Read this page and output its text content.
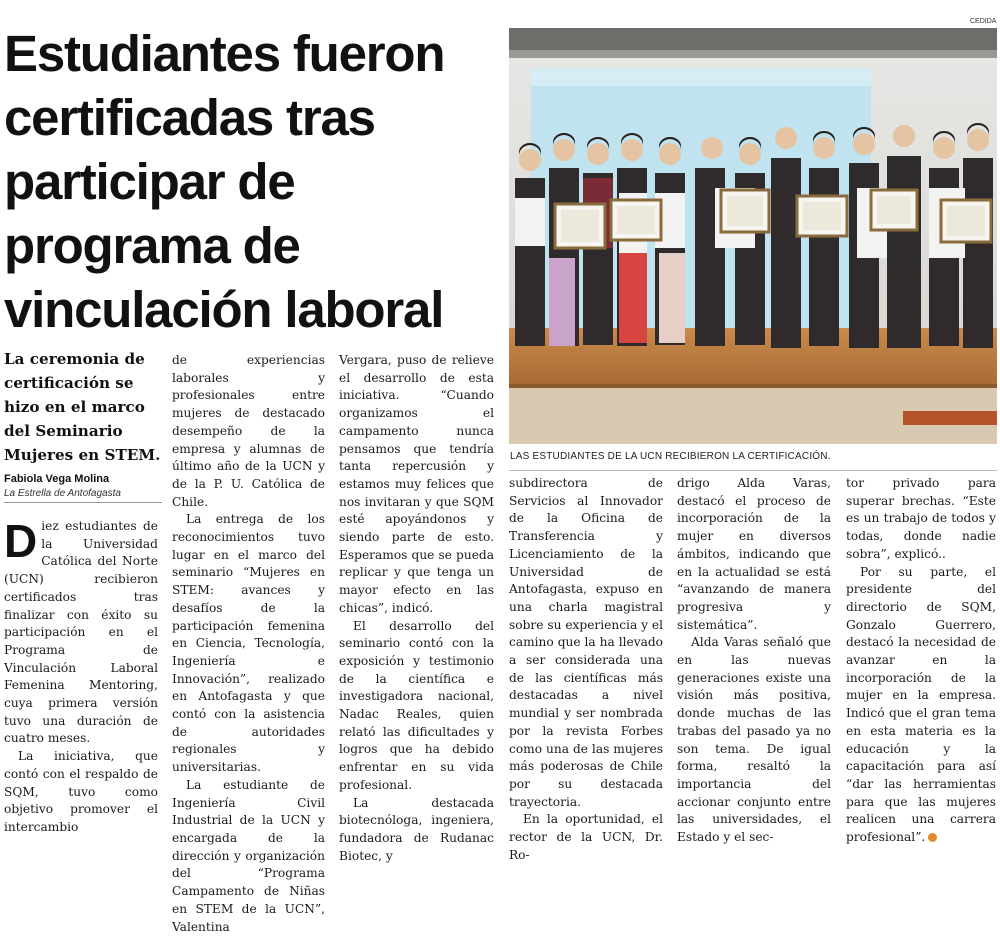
CEDIDA
Estudiantes fueron certificadas tras participar de programa de vinculación laboral
LAS ESTUDIANTES DE LA UCN RECIBIERON LA CERTIFICACIÓN.
La ceremonia de certificación se hizo en el marco del Seminario Mujeres en STEM.
Fabiola Vega Molina
La Estrella de Antofagasta

Diez estudiantes de la Universidad Católica del Norte (UCN) recibieron certificados tras finalizar con éxito su participación en el Programa de Vinculación Laboral Femenina Mentoring, cuya primera versión tuvo una duración de cuatro meses.

La iniciativa, que contó con el respaldo de SQM, tuvo como objetivo promover el intercambio

de experiencias laborales y profesionales entre mujeres de destacado desempeño de la empresa y alumnas de último año de la UCN y de la P. U. Católica de Chile.

La entrega de los reconocimientos tuvo lugar en el marco del seminario “Mujeres en STEM: avances y desafíos de la participación femenina en Ciencia, Tecnología, Ingeniería e Innovación”, realizado en Antofagasta y que contó con la asistencia de autoridades regionales y universitarias.

La estudiante de Ingeniería Civil Industrial de la UCN y encargada de la dirección y organización del “Programa Campamento de Niñas en STEM de la UCN”, Valentina

Vergara, puso de relieve el desarrollo de esta iniciativa. “Cuando organizamos el campamento nunca pensamos que tendría tanta repercusión y estamos muy felices que nos invitaran y que SQM esté apoyándonos y siendo parte de esto. Esperamos que se pueda replicar y que tenga un mayor efecto en las chicas”, indicó.

El desarrollo del seminario contó con la exposición y testimonio de la científica e investigadora nacional, Nadac Reales, quien relató las dificultades y logros que ha debido enfrentar en su vida profesional.

La destacada biotecnóloga, ingeniera, fundadora de Rudanac Biotec, y

subdirectora de Servicios al Innovador de la Oficina de Transferencia y Licenciamiento de la Universidad de Antofagasta, expuso en una charla magistral sobre su experiencia y el camino que la ha llevado a ser considerada una de las científicas más destacadas a nivel mundial y ser nombrada por la revista Forbes como una de las mujeres más poderosas de Chile por su destacada trayectoria.

En la oportunidad, el rector de la UCN, Dr. Ro-

drigo Alda Varas, destacó el proceso de incorporación de la mujer en diversos ámbitos, indicando que en la actualidad se está “avanzando de manera progresiva y sistemática”.

Alda Varas señaló que en las nuevas generaciones existe una visión más positiva, donde muchas de las trabas del pasado ya no son tema. De igual forma, resaltó la importancia del accionar conjunto entre las universidades, el Estado y el sec-

tor privado para superar brechas. “Este es un trabajo de todos y todas, donde nadie sobra”, explicó..

Por su parte, el presidente del directorio de SQM, Gonzalo Guerrero, destacó la necesidad de avanzar en la incorporación de la mujer en la empresa. Indicó que el gran tema en esta materia es la educación y la capacitación para así “dar las herramientas para que las mujeres realicen una carrera profesional”.
